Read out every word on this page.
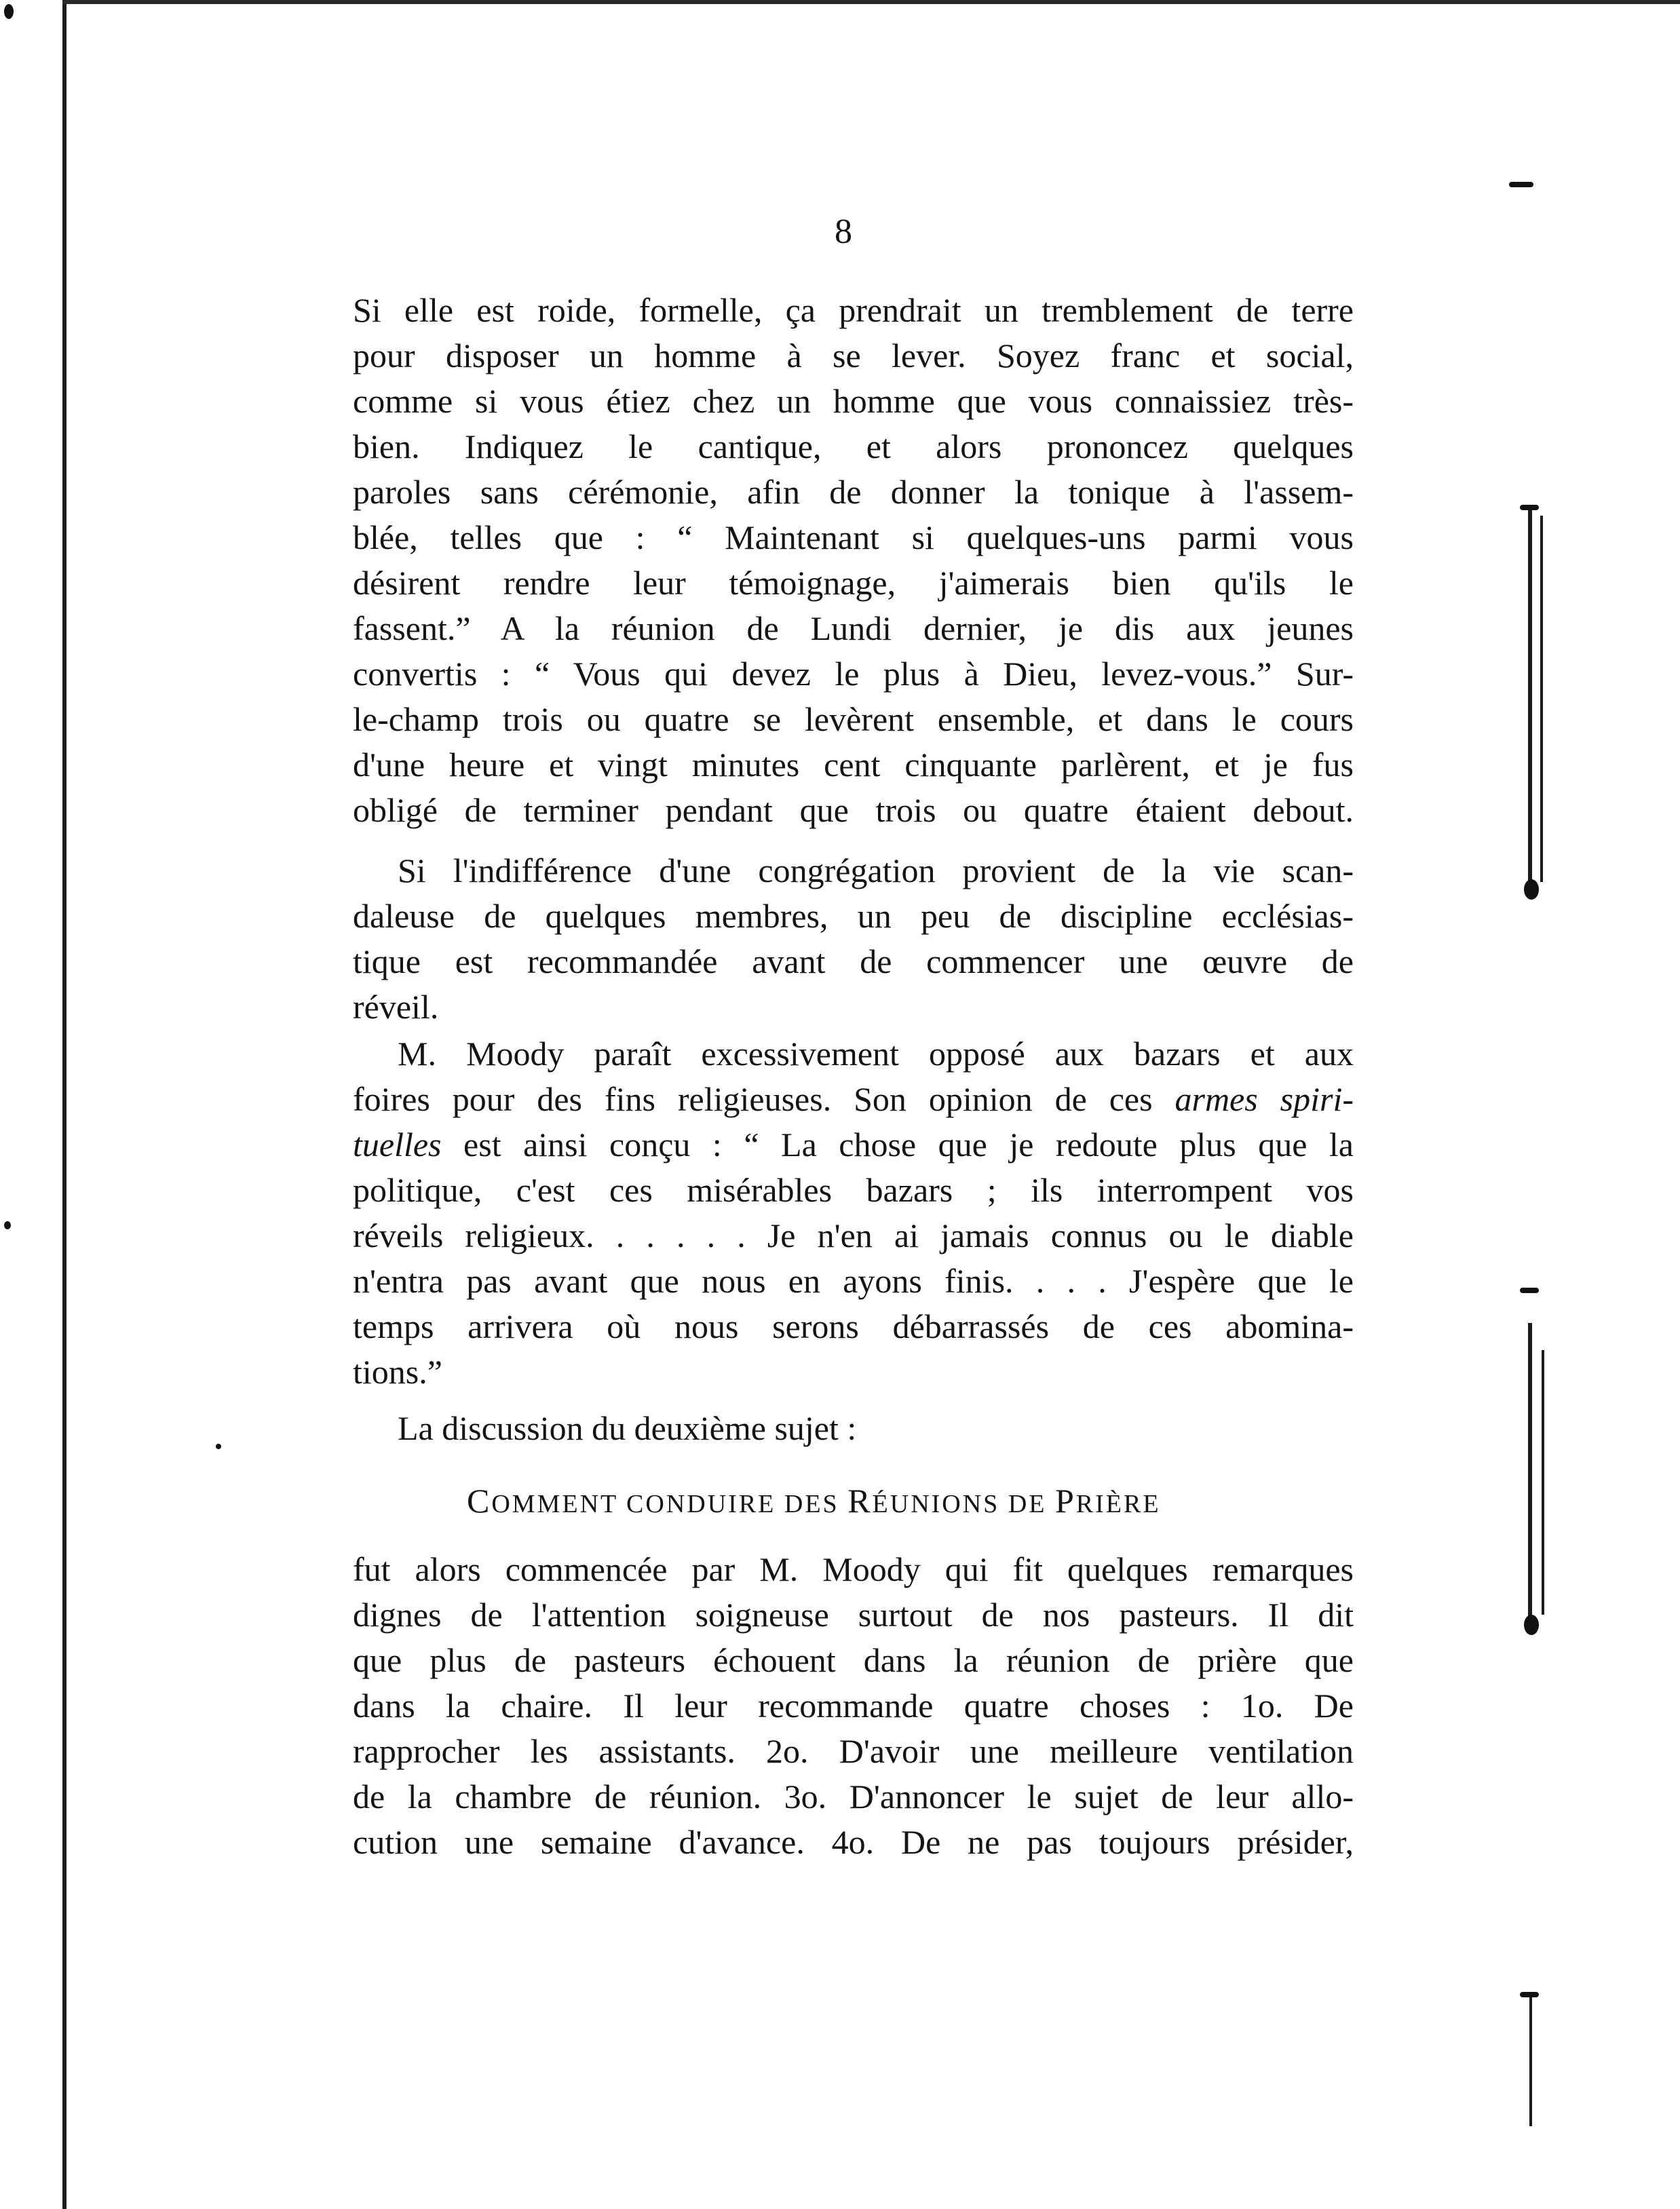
8
Si elle est roide, formelle, ça prendrait un tremblement de terre
pour disposer un homme à se lever. Soyez franc et social,
comme si vous étiez chez un homme que vous connaissiez très-
bien. Indiquez le cantique, et alors prononcez quelques
paroles sans cérémonie, afin de donner la tonique à l'assem-
blée, telles que : “ Maintenant si quelques-uns parmi vous
désirent rendre leur témoignage, j'aimerais bien qu'ils le
fassent.” A la réunion de Lundi dernier, je dis aux jeunes
convertis : “ Vous qui devez le plus à Dieu, levez-vous.” Sur-
le-champ trois ou quatre se levèrent ensemble, et dans le cours
d'une heure et vingt minutes cent cinquante parlèrent, et je fus
obligé de terminer pendant que trois ou quatre étaient debout.
Si l'indifférence d'une congrégation provient de la vie scan-
daleuse de quelques membres, un peu de discipline ecclésias-
tique est recommandée avant de commencer une œuvre de
réveil.
M. Moody paraît excessivement opposé aux bazars et aux
foires pour des fins religieuses. Son opinion de ces armes spiri-
tuelles est ainsi conçu : “ La chose que je redoute plus que la
politique, c'est ces misérables bazars ; ils interrompent vos
réveils religieux. . . . . . Je n'en ai jamais connus ou le diable
n'entra pas avant que nous en ayons finis. . . . J'espère que le
temps arrivera où nous serons débarrassés de ces abomina-
tions.”
La discussion du deuxième sujet :
COMMENT CONDUIRE DES RÉUNIONS DE PRIÈRE
fut alors commencée par M. Moody qui fit quelques remarques
dignes de l'attention soigneuse surtout de nos pasteurs. Il dit
que plus de pasteurs échouent dans la réunion de prière que
dans la chaire. Il leur recommande quatre choses : 1o. De
rapprocher les assistants. 2o. D'avoir une meilleure ventilation
de la chambre de réunion. 3o. D'annoncer le sujet de leur allo-
cution une semaine d'avance. 4o. De ne pas toujours présider,
